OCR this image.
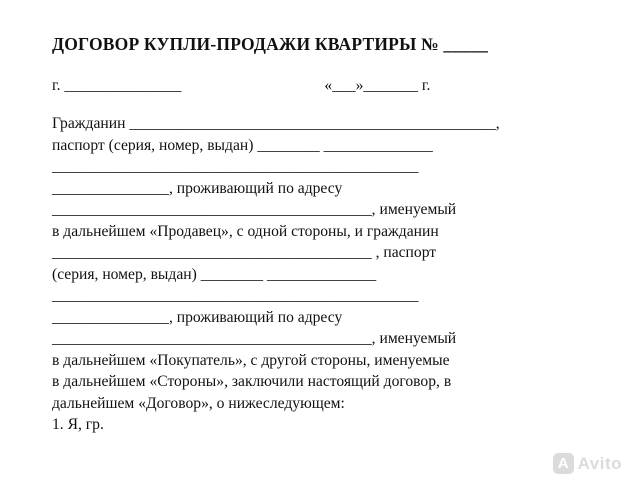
ДОГОВОР КУПЛИ-ПРОДАЖИ КВАРТИРЫ № _____
г. _______________	«___»_______ г.
Гражданин _______________________________________________,
паспорт (серия, номер, выдан) ________ ______________
_______________________________________________
_______________, проживающий по адресу
_________________________________________, именуемый
в дальнейшем «Продавец», с одной стороны, и гражданин
_________________________________________ , паспорт
(серия, номер, выдан) ________ ______________
_______________________________________________
_______________, проживающий по адресу
_________________________________________, именуемый
в дальнейшем «Покупатель», с другой стороны, именуемые
в дальнейшем «Стороны», заключили настоящий договор, в
дальнейшем «Договор», о нижеследующем:
1. Я, гр.
A Avito
